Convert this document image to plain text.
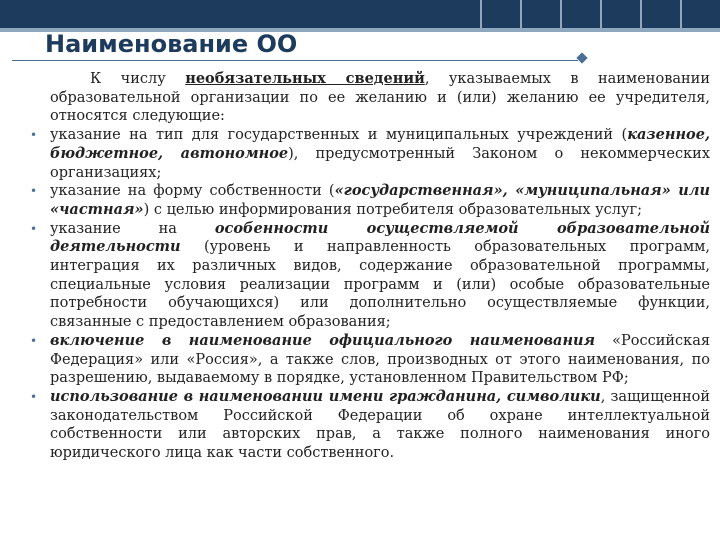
Наименование ОО

К числу необязательных сведений, указываемых в наименовании образовательной организации по ее желанию и (или) желанию ее учредителя, относятся следующие:

• указание на тип для государственных и муниципальных учреждений (казенное, бюджетное, автономное), предусмотренный Законом о некоммерческих организациях;
• указание на форму собственности («государственная», «муниципальная» или «частная») с целью информирования потребителя образовательных услуг;
• указание на особенности осуществляемой образовательной деятельности (уровень и направленность образовательных программ, интеграция их различных видов, содержание образовательной программы, специальные условия реализации программ и (или) особые образовательные потребности обучающихся) или дополнительно осуществляемые функции, связанные с предоставлением образования;
• включение в наименование официального наименования «Российская Федерация» или «Россия», а также слов, производных от этого наименования, по разрешению, выдаваемому в порядке, установленном Правительством РФ;
• использование в наименовании имени гражданина, символики, защищенной законодательством Российской Федерации об охране интеллектуальной собственности или авторских прав, а также полного наименования иного юридического лица как части собственного.
